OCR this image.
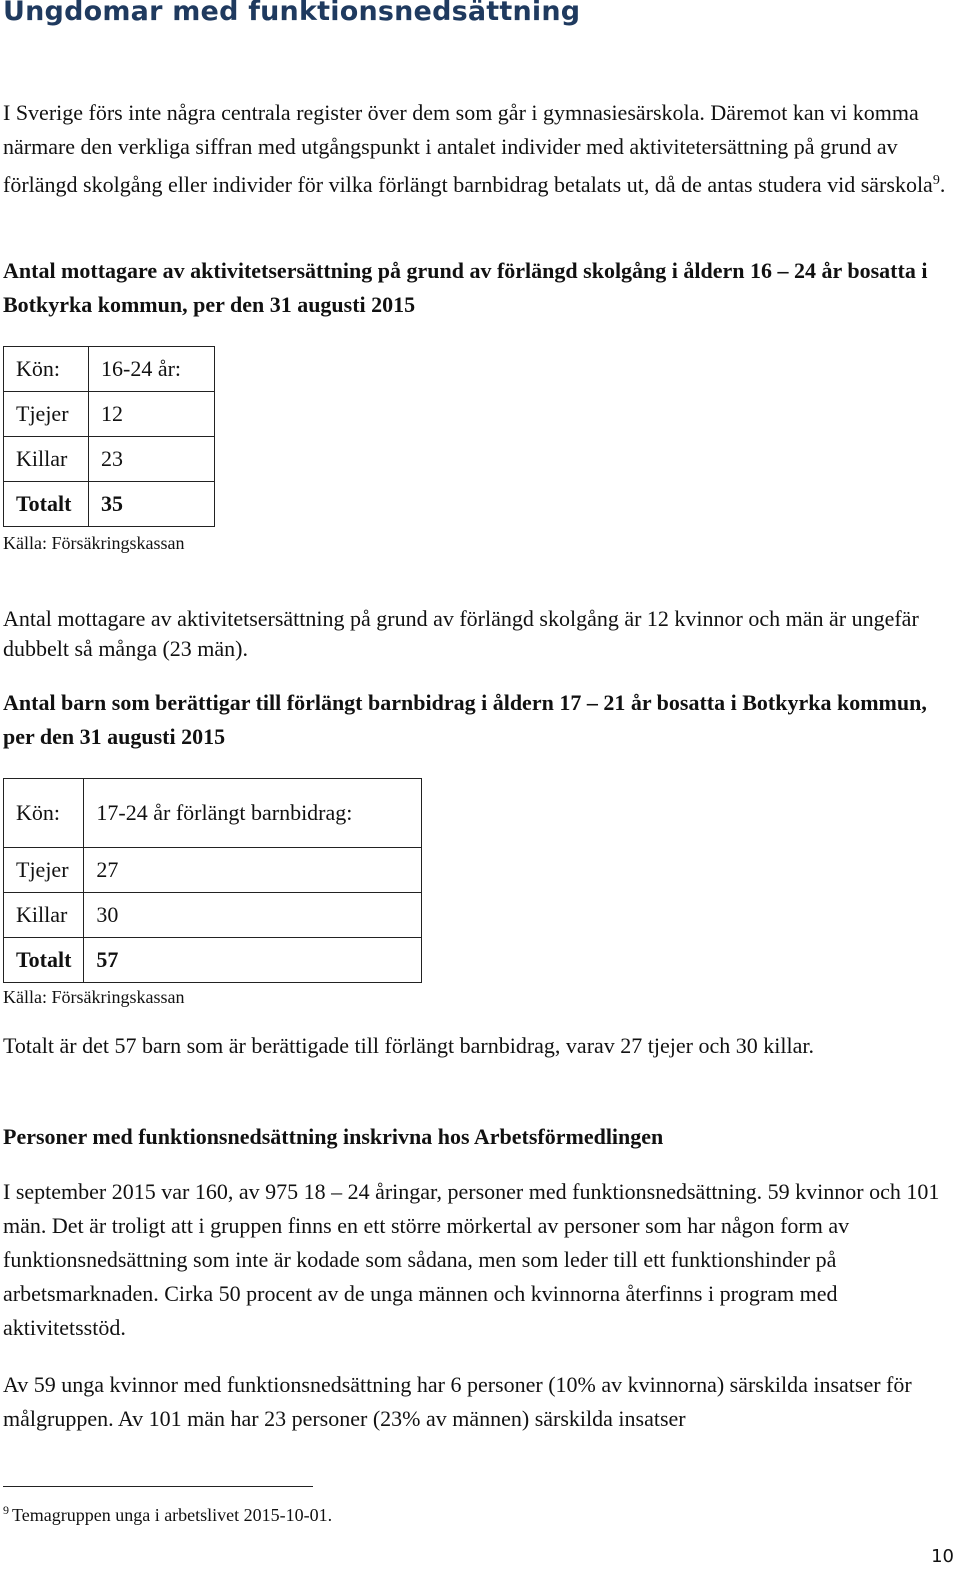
Ungdomar med funktionsnedsättning

I Sverige förs inte några centrala register över dem som går i gymnasiesärskola. Däremot kan vi komma närmare den verkliga siffran med utgångspunkt i antalet individer med aktivitetersättning på grund av förlängd skolgång eller individer för vilka förlängt barnbidrag betalats ut, då de antas studera vid särskola$^9$.

Antal mottagare av aktivitetsersättning på grund av förlängd skolgång i åldern 16 – 24 år bosatta i Botkyrka kommun, per den 31 augusti 2015

Kön:	16-24 år:
Tjejer	12
Killar	23
Totalt	35
Källa: Försäkringskassan

Antal mottagare av aktivitetsersättning på grund av förlängd skolgång är 12 kvinnor och män är ungefär dubbelt så många (23 män).

Antal barn som berättigar till förlängt barnbidrag i åldern 17 – 21 år bosatta i Botkyrka kommun, per den 31 augusti 2015

Kön:	17-24 år förlängt barnbidrag:
Tjejer	27
Killar	30
Totalt	57
Källa: Försäkringskassan

Totalt är det 57 barn som är berättigade till förlängt barnbidrag, varav 27 tjejer och 30 killar.

Personer med funktionsnedsättning inskrivna hos Arbetsförmedlingen

I september 2015 var 160, av 975 18 – 24 åringar, personer med funktionsnedsättning. 59 kvinnor och 101 män. Det är troligt att i gruppen finns en ett större mörkertal av personer som har någon form av funktionsnedsättning som inte är kodade som sådana, men som leder till ett funktionshinder på arbetsmarknaden. Cirka 50 procent av de unga männen och kvinnorna återfinns i program med aktivitetsstöd.

Av 59 unga kvinnor med funktionsnedsättning har 6 personer (10% av kvinnorna) särskilda insatser för målgruppen. Av 101 män har 23 personer (23% av männen) särskilda insatser

$^9$ Temagruppen unga i arbetslivet 2015-10-01.
10
